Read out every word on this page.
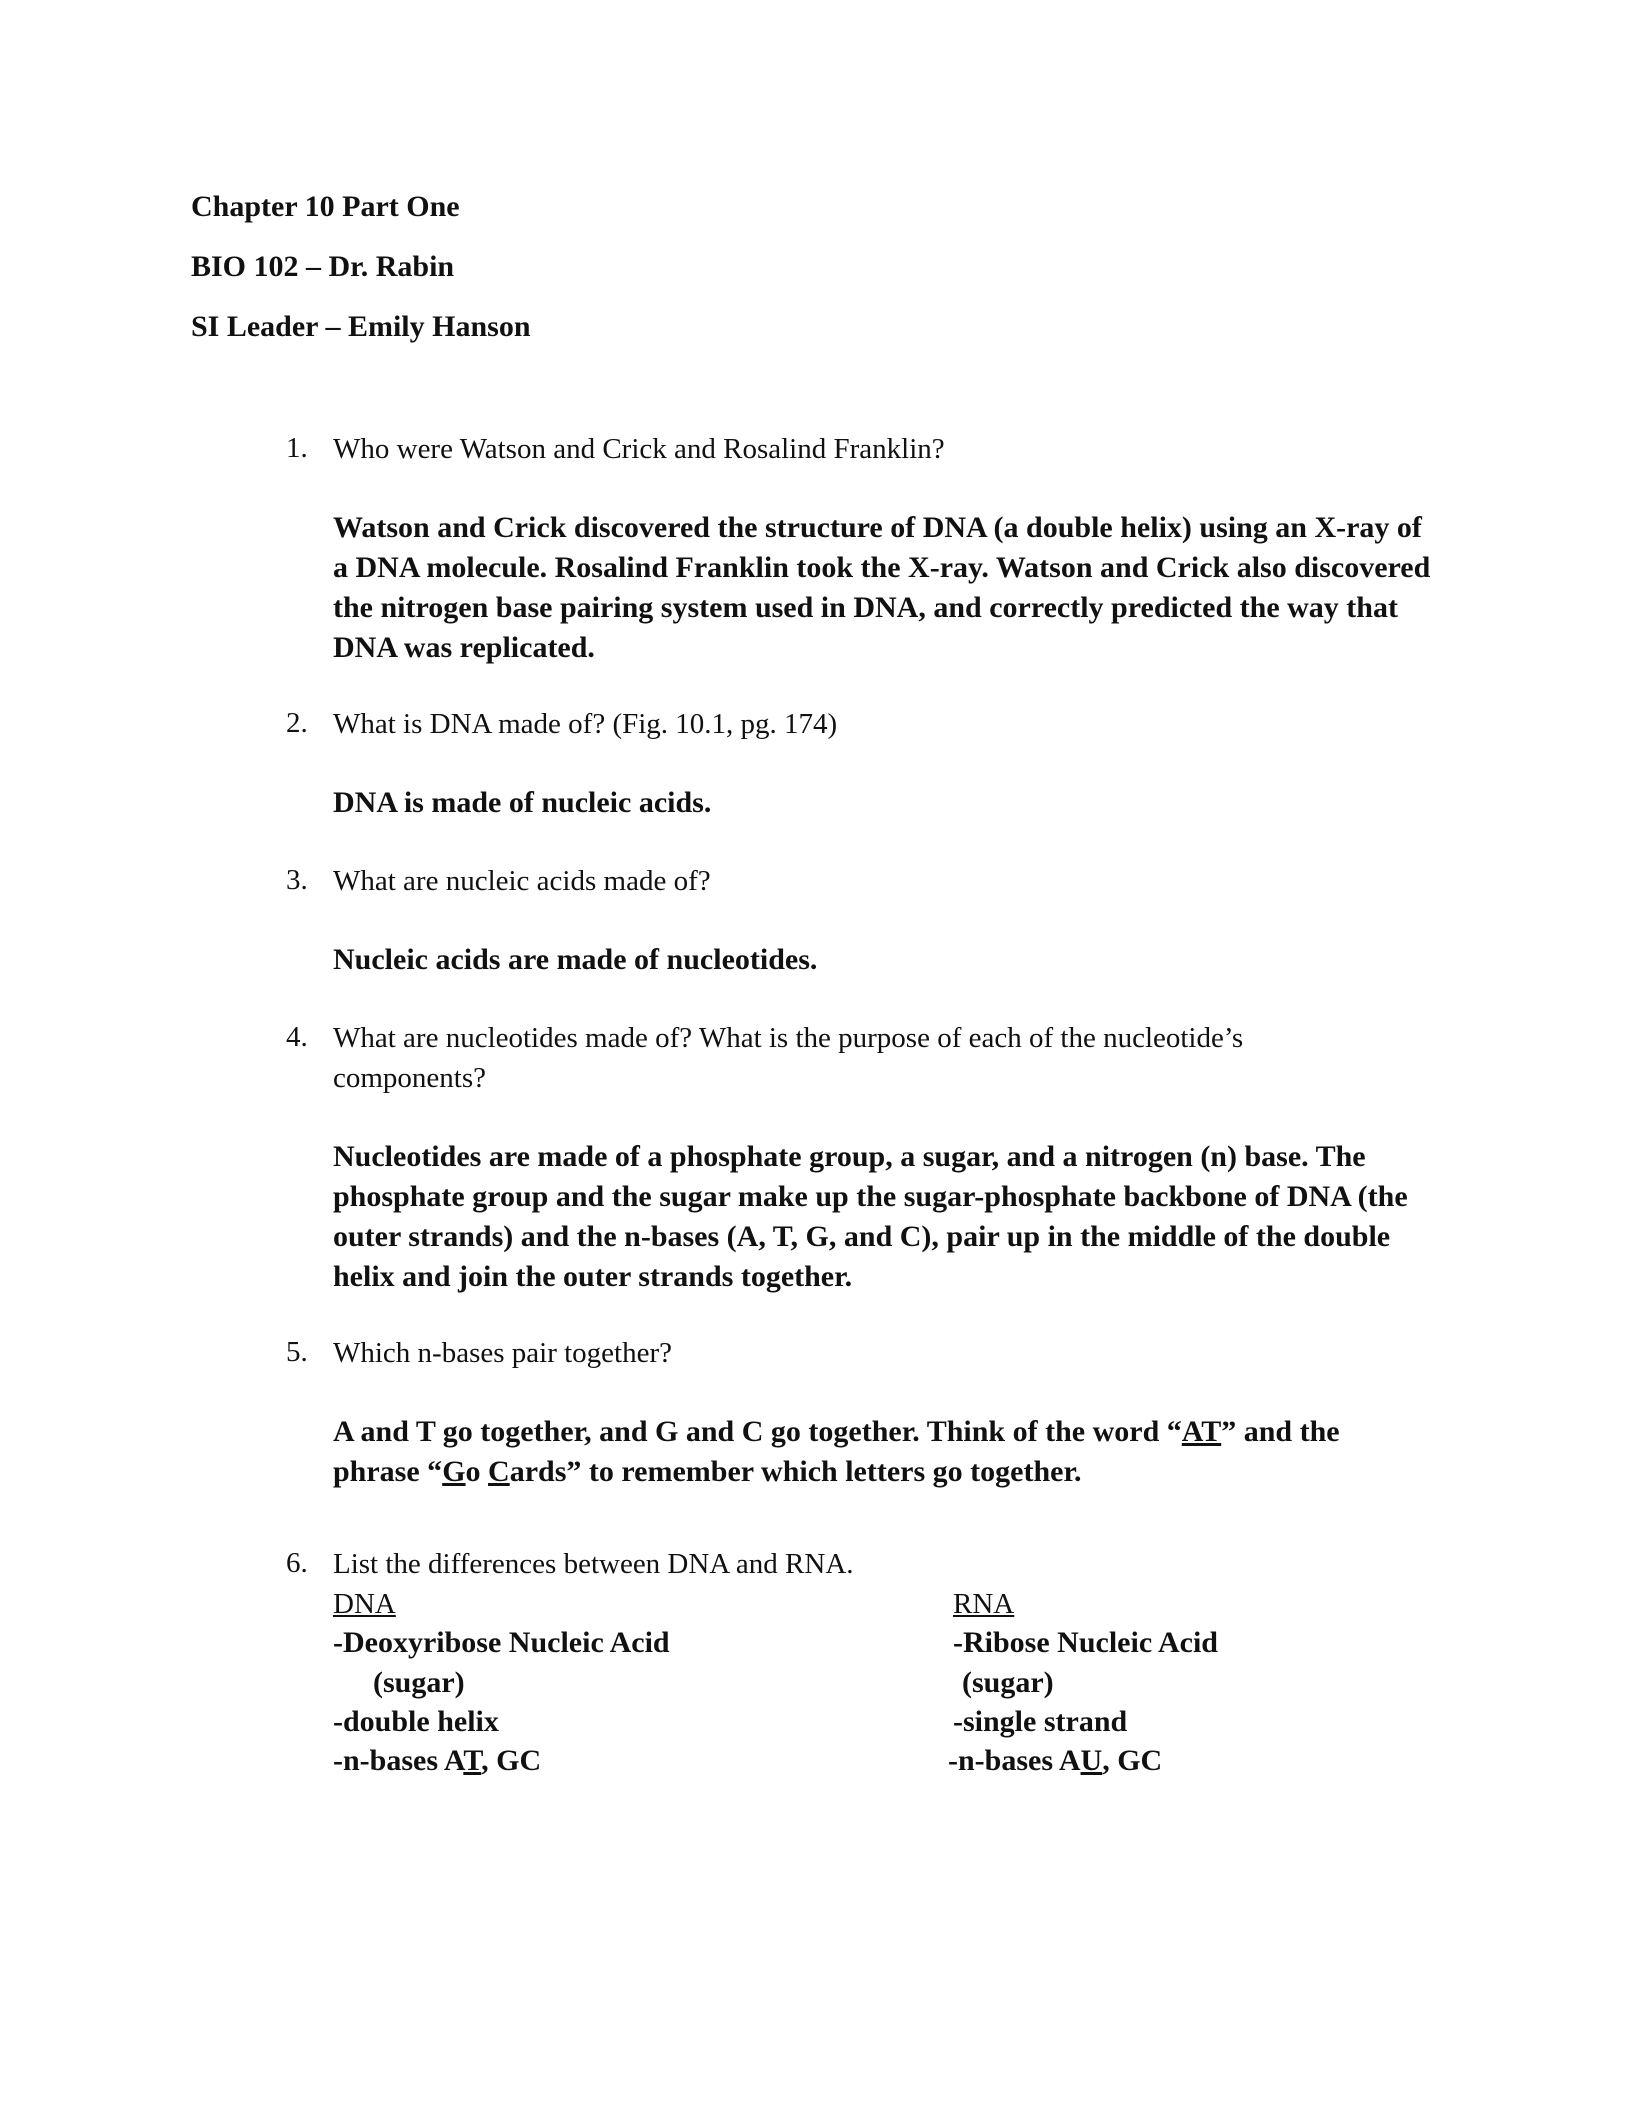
Chapter 10 Part One
BIO 102 – Dr. Rabin
SI Leader – Emily Hanson
1. Who were Watson and Crick and Rosalind Franklin?
Watson and Crick discovered the structure of DNA (a double helix) using an X-ray of a DNA molecule. Rosalind Franklin took the X-ray. Watson and Crick also discovered the nitrogen base pairing system used in DNA, and correctly predicted the way that DNA was replicated.
2. What is DNA made of? (Fig. 10.1, pg. 174)
DNA is made of nucleic acids.
3. What are nucleic acids made of?
Nucleic acids are made of nucleotides.
4. What are nucleotides made of? What is the purpose of each of the nucleotide’s components?
Nucleotides are made of a phosphate group, a sugar, and a nitrogen (n) base. The phosphate group and the sugar make up the sugar-phosphate backbone of DNA (the outer strands) and the n-bases (A, T, G, and C), pair up in the middle of the double helix and join the outer strands together.
5. Which n-bases pair together?
A and T go together, and G and C go together. Think of the word “AT” and the phrase “Go Cards” to remember which letters go together.
6. List the differences between DNA and RNA.
DNA
-Deoxyribose Nucleic Acid
(sugar)
-double helix
-n-bases AT, GC
RNA
-Ribose Nucleic Acid
(sugar)
-single strand
-n-bases AU, GC
